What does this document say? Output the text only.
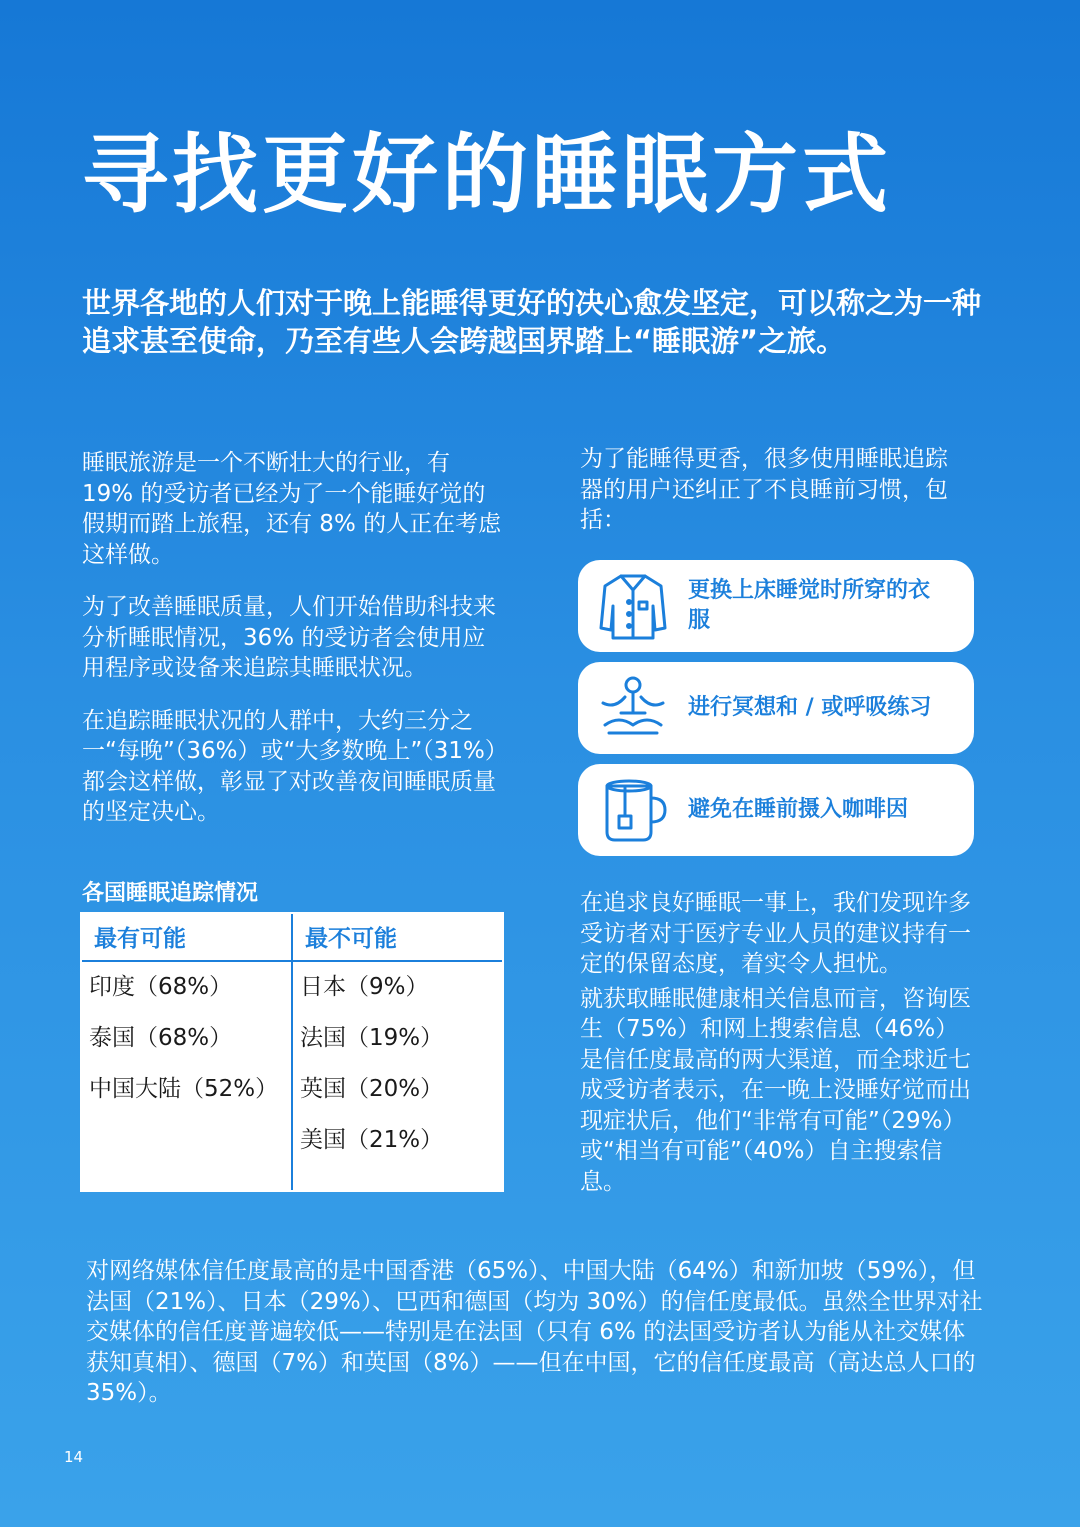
寻找更好的睡眠方式
世界各地的人们对于晚上能睡得更好的决心愈发坚定，可以称之为一种追求甚至使命，乃至有些人会跨越国界踏上“睡眠游”之旅。

睡眠旅游是一个不断壮大的行业，有 19% 的受访者已经为了一个能睡好觉的假期而踏上旅程，还有 8% 的人正在考虑这样做。

为了改善睡眠质量，人们开始借助科技来分析睡眠情况，36% 的受访者会使用应用程序或设备来追踪其睡眠状况。

在追踪睡眠状况的人群中，大约三分之一“每晚”（36%）或“大多数晚上”（31%）都会这样做，彰显了对改善夜间睡眠质量的坚定决心。

各国睡眠追踪情况
最有可能
印度（68%）
泰国（68%）
中国大陆（52%）
最不可能
日本（9%）
法国（19%）
英国（20%）
美国（21%）

为了能睡得更香，很多使用睡眠追踪器的用户还纠正了不良睡前习惯，包括：

更换上床睡觉时所穿的衣服
进行冥想和 / 或呼吸练习
避免在睡前摄入咖啡因

在追求良好睡眠一事上，我们发现许多受访者对于医疗专业人员的建议持有一定的保留态度，着实令人担忧。

就获取睡眠健康相关信息而言，咨询医生（75%）和网上搜索信息（46%）是信任度最高的两大渠道，而全球近七成受访者表示，在一晚上没睡好觉而出现症状后，他们“非常有可能”（29%）或“相当有可能”（40%）自主搜索信息。

对网络媒体信任度最高的是中国香港（65%）、中国大陆（64%）和新加坡（59%），但法国（21%）、日本（29%）、巴西和德国（均为 30%）的信任度最低。虽然全世界对社交媒体的信任度普遍较低——特别是在法国（只有 6% 的法国受访者认为能从社交媒体获知真相）、德国（7%）和英国（8%）——但在中国，它的信任度最高（高达总人口的 35%）。

14
